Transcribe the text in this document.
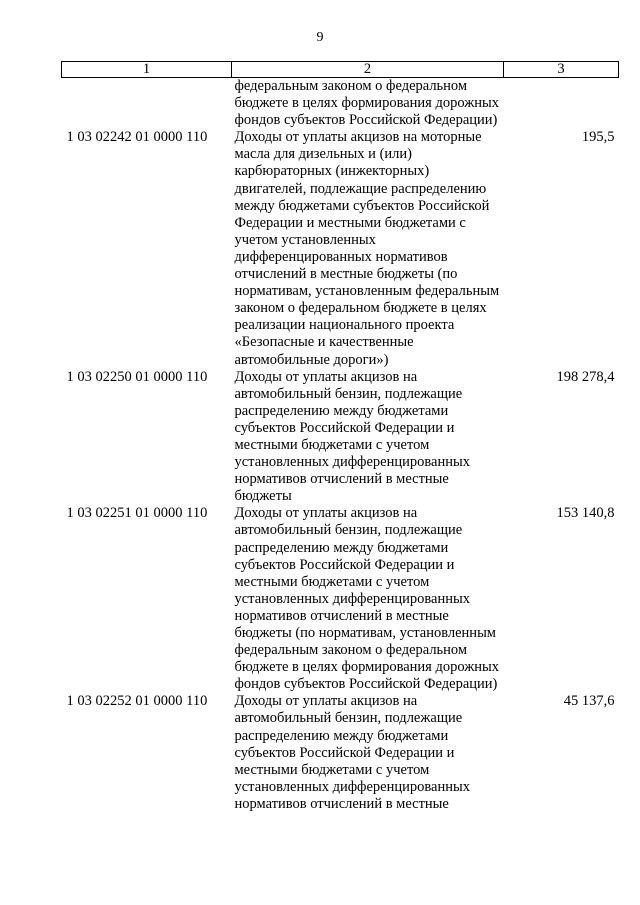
9
1	2	3
	федеральным законом о федеральном бюджете в целях формирования дорожных фондов субъектов Российской Федерации)	
1 03 02242 01 0000 110	Доходы от уплаты акцизов на моторные масла для дизельных и (или) карбюраторных (инжекторных) двигателей, подлежащие распределению между бюджетами субъектов Российской Федерации и местными бюджетами с учетом установленных дифференцированных нормативов отчислений в местные бюджеты (по нормативам, установленным федеральным законом о федеральном бюджете в целях реализации национального проекта «Безопасные и качественные автомобильные дороги»)	195,5
1 03 02250 01 0000 110	Доходы от уплаты акцизов на автомобильный бензин, подлежащие распределению между бюджетами субъектов Российской Федерации и местными бюджетами с учетом установленных дифференцированных нормативов отчислений в местные бюджеты	198 278,4
1 03 02251 01 0000 110	Доходы от уплаты акцизов на автомобильный бензин, подлежащие распределению между бюджетами субъектов Российской Федерации и местными бюджетами с учетом установленных дифференцированных нормативов отчислений в местные бюджеты (по нормативам, установленным федеральным законом о федеральном бюджете в целях формирования дорожных фондов субъектов Российской Федерации)	153 140,8
1 03 02252 01 0000 110	Доходы от уплаты акцизов на автомобильный бензин, подлежащие распределению между бюджетами субъектов Российской Федерации и местными бюджетами с учетом установленных дифференцированных нормативов отчислений в местные	45 137,6
